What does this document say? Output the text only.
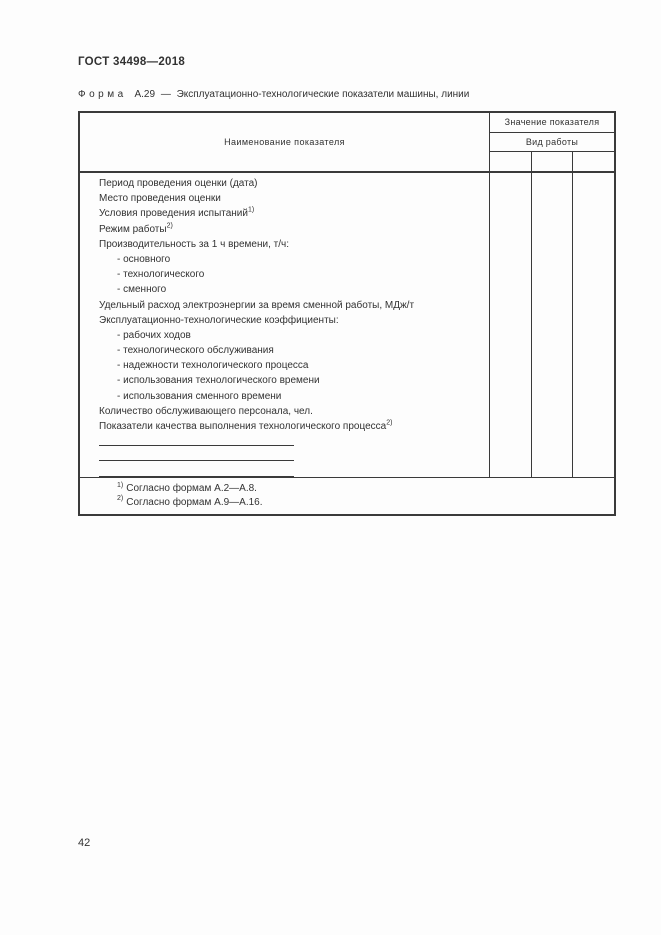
ГОСТ 34498—2018
Форма А.29 — Эксплуатационно-технологические показатели машины, линии
Наименование показателя
Значение показателя
Вид работы
Период проведения оценки (дата)
Место проведения оценки
Условия проведения испытаний$^{1)}$
Режим работы$^{2)}$
Производительность за 1 ч времени, т/ч:
- основного
- технологического
- сменного
Удельный расход электроэнергии за время сменной работы, МДж/т
Эксплуатационно-технологические коэффициенты:
- рабочих ходов
- технологического обслуживания
- надежности технологического процесса
- использования технологического времени
- использования сменного времени
Количество обслуживающего персонала, чел.
Показатели качества выполнения технологического процесса$^{2)}$
$^{1)}$ Согласно формам А.2—А.8.
$^{2)}$ Согласно формам А.9—А.16.
42
